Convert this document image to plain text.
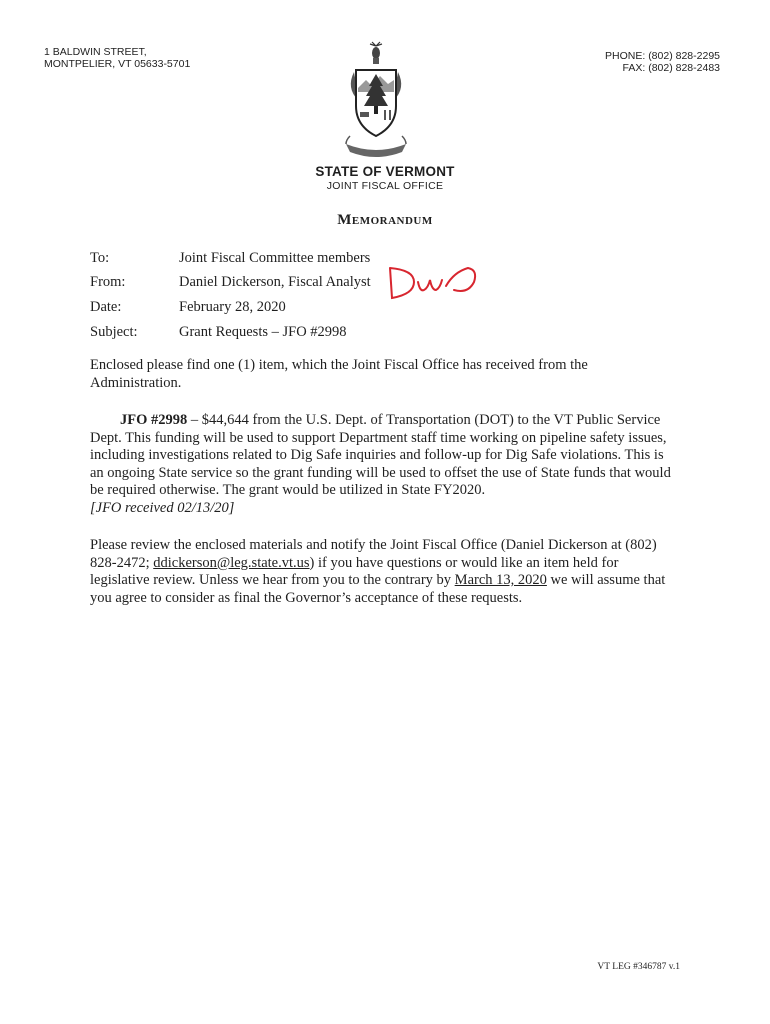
1 BALDWIN STREET,
MONTPELIER, VT 05633-5701
PHONE: (802) 828-2295
FAX: (802) 828-2483
STATE OF VERMONT
JOINT FISCAL OFFICE
Memorandum
To:	Joint Fiscal Committee members
From:	Daniel Dickerson, Fiscal Analyst
Date:	February 28, 2020
Subject:	Grant Requests – JFO #2998

Enclosed please find one (1) item, which the Joint Fiscal Office has received from the Administration.

JFO #2998 – $44,644 from the U.S. Dept. of Transportation (DOT) to the VT Public Service Dept. This funding will be used to support Department staff time working on pipeline safety issues, including investigations related to Dig Safe inquiries and follow-up for Dig Safe violations. This is an ongoing State service so the grant funding will be used to offset the use of State funds that would be required otherwise. The grant would be utilized in State FY2020.
[JFO received 02/13/20]

Please review the enclosed materials and notify the Joint Fiscal Office (Daniel Dickerson at (802) 828-2472; ddickerson@leg.state.vt.us) if you have questions or would like an item held for legislative review. Unless we hear from you to the contrary by March 13, 2020 we will assume that you agree to consider as final the Governor’s acceptance of these requests.

VT LEG #346787 v.1
